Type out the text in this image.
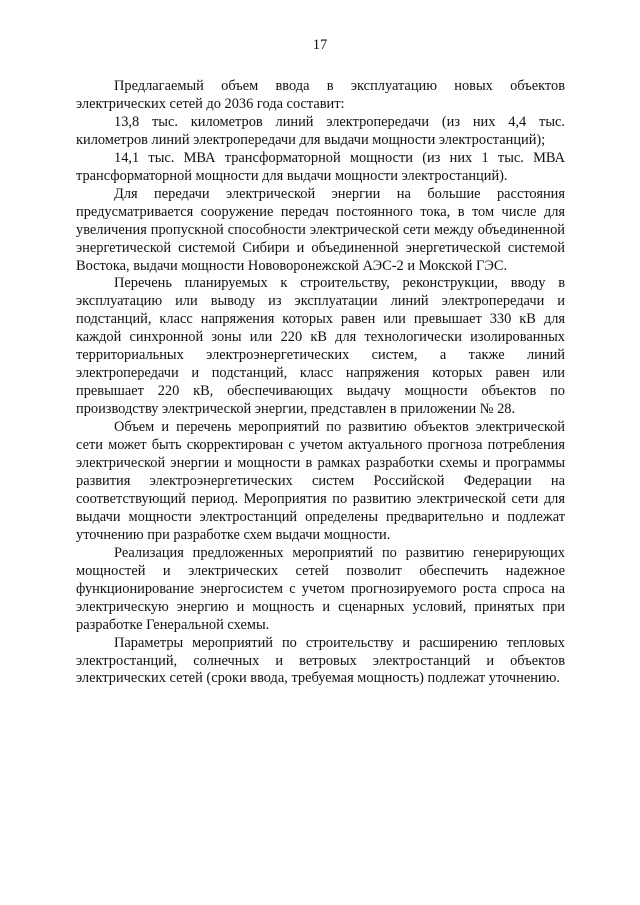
17

Предлагаемый объем ввода в эксплуатацию новых объектов электрических сетей до 2036 года составит:

13,8 тыс. километров линий электропередачи (из них 4,4 тыс. километров линий электропередачи для выдачи мощности электростанций);

14,1 тыс. МВА трансформаторной мощности (из них 1 тыс. МВА трансформаторной мощности для выдачи мощности электростанций).

Для передачи электрической энергии на большие расстояния предусматривается сооружение передач постоянного тока, в том числе для увеличения пропускной способности электрической сети между объединенной энергетической системой Сибири и объединенной энергетической системой Востока, выдачи мощности Нововоронежской АЭС-2 и Мокской ГЭС.

Перечень планируемых к строительству, реконструкции, вводу в эксплуатацию или выводу из эксплуатации линий электропередачи и подстанций, класс напряжения которых равен или превышает 330 кВ для каждой синхронной зоны или 220 кВ для технологически изолированных территориальных электроэнергетических систем, а также линий электропередачи и подстанций, класс напряжения которых равен или превышает 220 кВ, обеспечивающих выдачу мощности объектов по производству электрической энергии, представлен в приложении № 28.

Объем и перечень мероприятий по развитию объектов электрической сети может быть скорректирован с учетом актуального прогноза потребления электрической энергии и мощности в рамках разработки схемы и программы развития электроэнергетических систем Российской Федерации на соответствующий период. Мероприятия по развитию электрической сети для выдачи мощности электростанций определены предварительно и подлежат уточнению при разработке схем выдачи мощности.

Реализация предложенных мероприятий по развитию генерирующих мощностей и электрических сетей позволит обеспечить надежное функционирование энергосистем с учетом прогнозируемого роста спроса на электрическую энергию и мощность и сценарных условий, принятых при разработке Генеральной схемы.

Параметры мероприятий по строительству и расширению тепловых электростанций, солнечных и ветровых электростанций и объектов электрических сетей (сроки ввода, требуемая мощность) подлежат уточнению.
